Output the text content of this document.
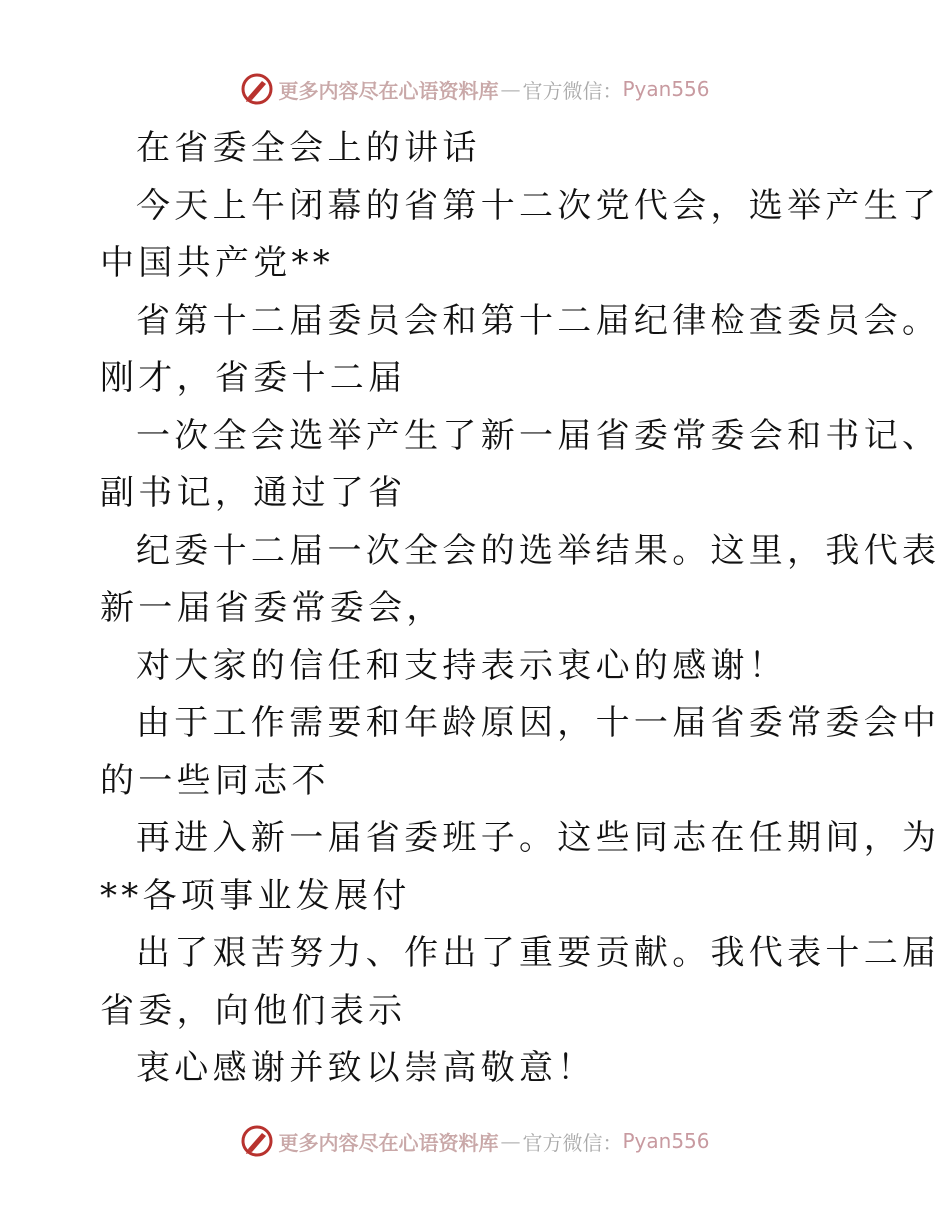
更多内容尽在心语资料库 — 官方微信： Pyan556
在省委全会上的讲话
今天上午闭幕的省第十二次党代会，选举产生了
中国共产党**
省第十二届委员会和第十二届纪律检查委员会。
刚才，省委十二届
一次全会选举产生了新一届省委常委会和书记、
副书记，通过了省
纪委十二届一次全会的选举结果。这里，我代表
新一届省委常委会，
对大家的信任和支持表示衷心的感谢！
由于工作需要和年龄原因，十一届省委常委会中
的一些同志不
再进入新一届省委班子。这些同志在任期间，为
**各项事业发展付
出了艰苦努力、作出了重要贡献。我代表十二届
省委，向他们表示
衷心感谢并致以崇高敬意！
更多内容尽在心语资料库 — 官方微信： Pyan556
